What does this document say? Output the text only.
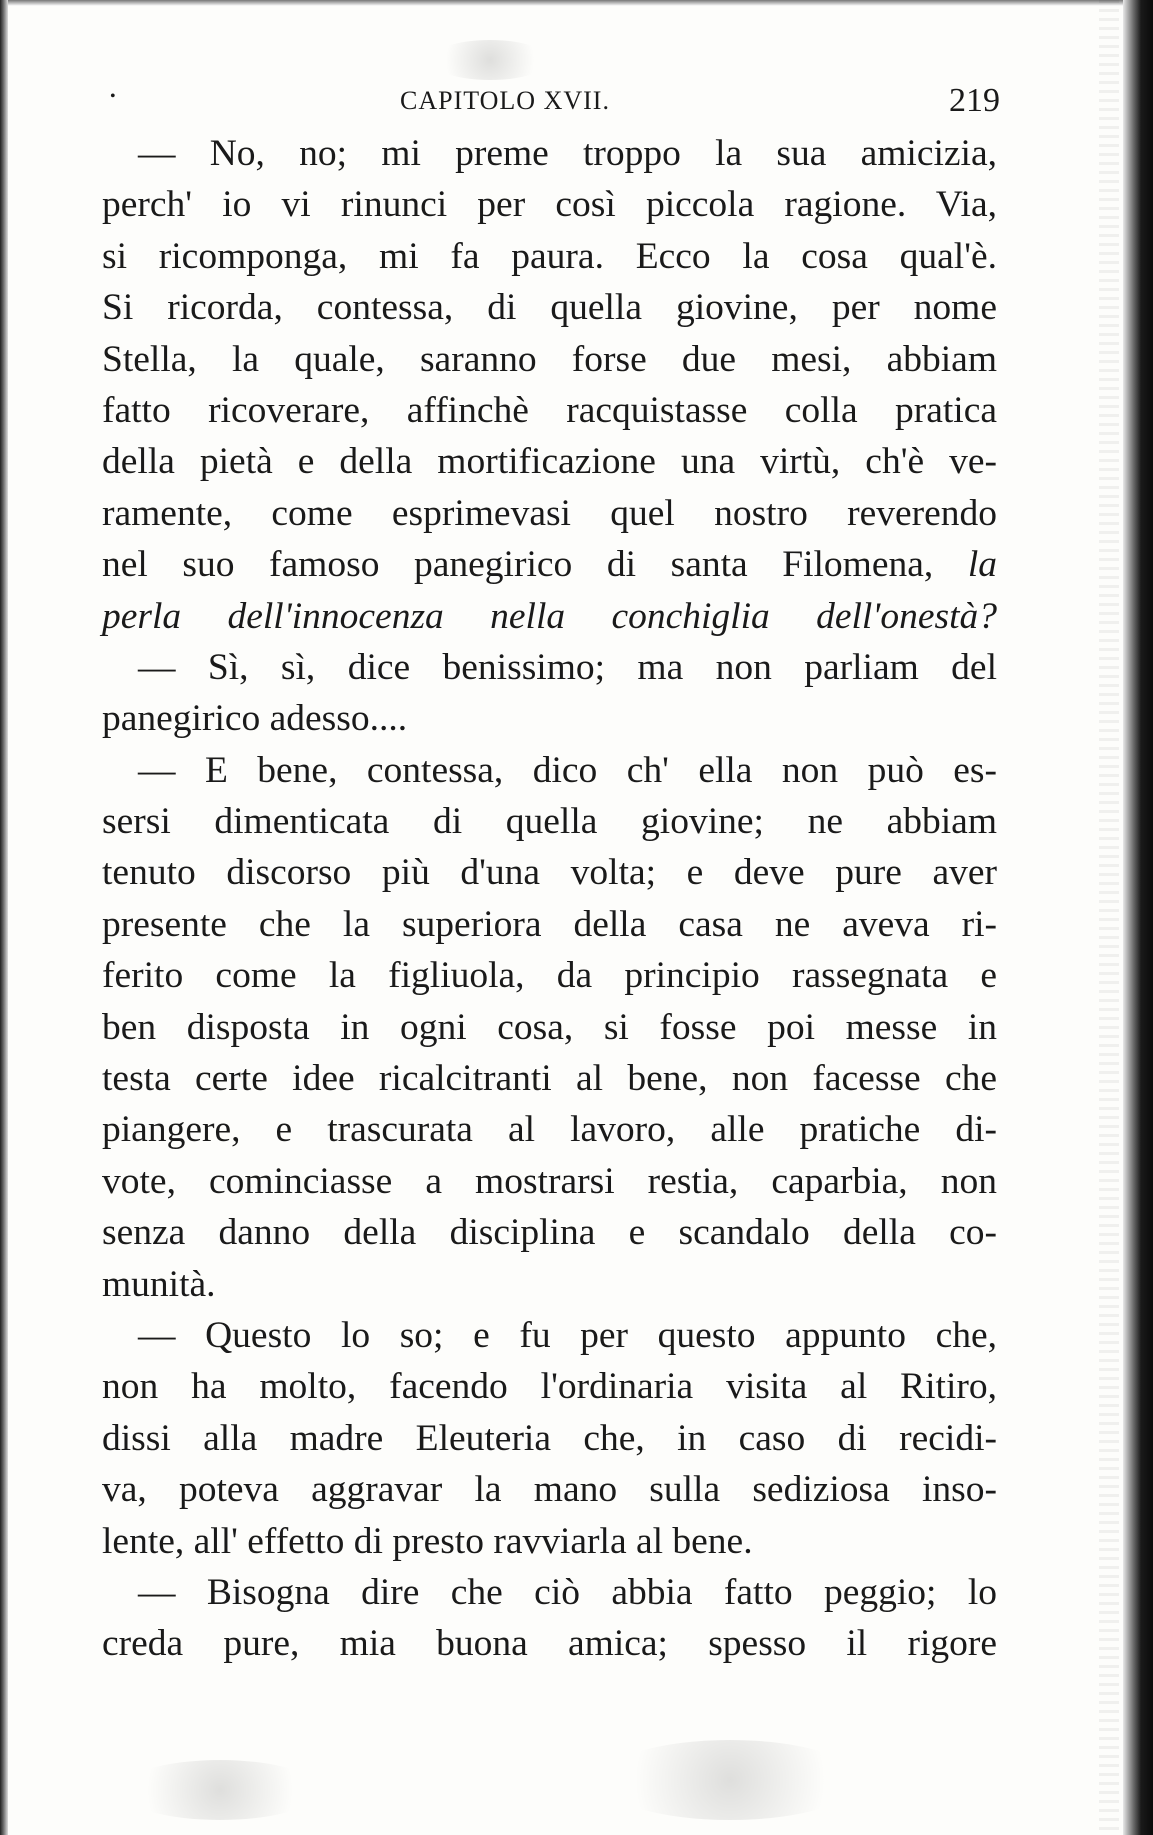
•	CAPITOLO XVII.	219
— No, no; mi preme troppo la sua amicizia,
perch' io vi rinunci per così piccola ragione. Via,
si ricomponga, mi fa paura. Ecco la cosa qual'è.
Si ricorda, contessa, di quella giovine, per nome
Stella, la quale, saranno forse due mesi, abbiam
fatto ricoverare, affinchè racquistasse colla pratica
della pietà e della mortificazione una virtù, ch'è ve-
ramente, come esprimevasi quel nostro reverendo
nel suo famoso panegirico di santa Filomena, la
perla dell'innocenza nella conchiglia dell'onestà?
— Sì, sì, dice benissimo; ma non parliam del
panegirico adesso....
— E bene, contessa, dico ch' ella non può es-
sersi dimenticata di quella giovine; ne abbiam
tenuto discorso più d'una volta; e deve pure aver
presente che la superiora della casa ne aveva ri-
ferito come la figliuola, da principio rassegnata e
ben disposta in ogni cosa, si fosse poi messe in
testa certe idee ricalcitranti al bene, non facesse che
piangere, e trascurata al lavoro, alle pratiche di-
vote, cominciasse a mostrarsi restia, caparbia, non
senza danno della disciplina e scandalo della co-
munità.
— Questo lo so; e fu per questo appunto che,
non ha molto, facendo l'ordinaria visita al Ritiro,
dissi alla madre Eleuteria che, in caso di recidi-
va, poteva aggravar la mano sulla sediziosa inso-
lente, all' effetto di presto ravviarla al bene.
— Bisogna dire che ciò abbia fatto peggio; lo
creda pure, mia buona amica; spesso il rigore
